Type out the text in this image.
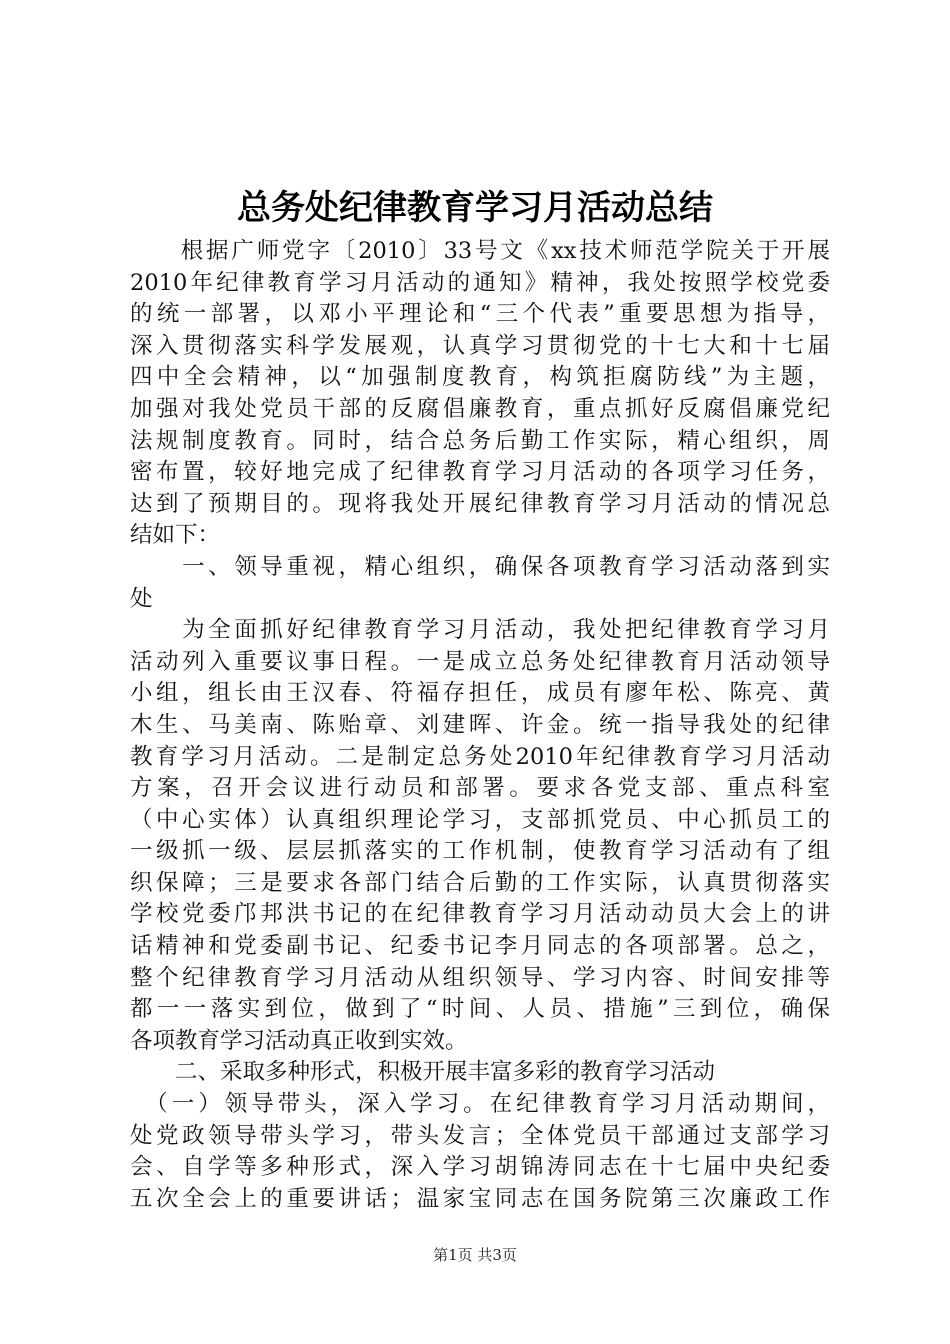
总务处纪律教育学习月活动总结
　　根据广师党字〔2010〕33号文《xx技术师范学院关于开展
2010年纪律教育学习月活动的通知》精神，我处按照学校党委
的统一部署，以邓小平理论和“三个代表”重要思想为指导，
深入贯彻落实科学发展观，认真学习贯彻党的十七大和十七届
四中全会精神，以“加强制度教育，构筑拒腐防线”为主题，
加强对我处党员干部的反腐倡廉教育，重点抓好反腐倡廉党纪
法规制度教育。同时，结合总务后勤工作实际，精心组织，周
密布置，较好地完成了纪律教育学习月活动的各项学习任务，
达到了预期目的。现将我处开展纪律教育学习月活动的情况总
结如下：
　　一、领导重视，精心组织，确保各项教育学习活动落到实
处
　　为全面抓好纪律教育学习月活动，我处把纪律教育学习月
活动列入重要议事日程。一是成立总务处纪律教育月活动领导
小组，组长由王汉春、符福存担任，成员有廖年松、陈亮、黄
木生、马美南、陈贻章、刘建晖、许金。统一指导我处的纪律
教育学习月活动。二是制定总务处2010年纪律教育学习月活动
方案，召开会议进行动员和部署。要求各党支部、重点科室
（中心实体）认真组织理论学习，支部抓党员、中心抓员工的
一级抓一级、层层抓落实的工作机制，使教育学习活动有了组
织保障；三是要求各部门结合后勤的工作实际，认真贯彻落实
学校党委邝邦洪书记的在纪律教育学习月活动动员大会上的讲
话精神和党委副书记、纪委书记李月同志的各项部署。总之，
整个纪律教育学习月活动从组织领导、学习内容、时间安排等
都一一落实到位，做到了“时间、人员、措施”三到位，确保
各项教育学习活动真正收到实效。
　　二、采取多种形式，积极开展丰富多彩的教育学习活动
　（一）领导带头，深入学习。在纪律教育学习月活动期间，
处党政领导带头学习，带头发言；全体党员干部通过支部学习
会、自学等多种形式，深入学习胡锦涛同志在十七届中央纪委
五次全会上的重要讲话；温家宝同志在国务院第三次廉政工作
第1页 共3页
